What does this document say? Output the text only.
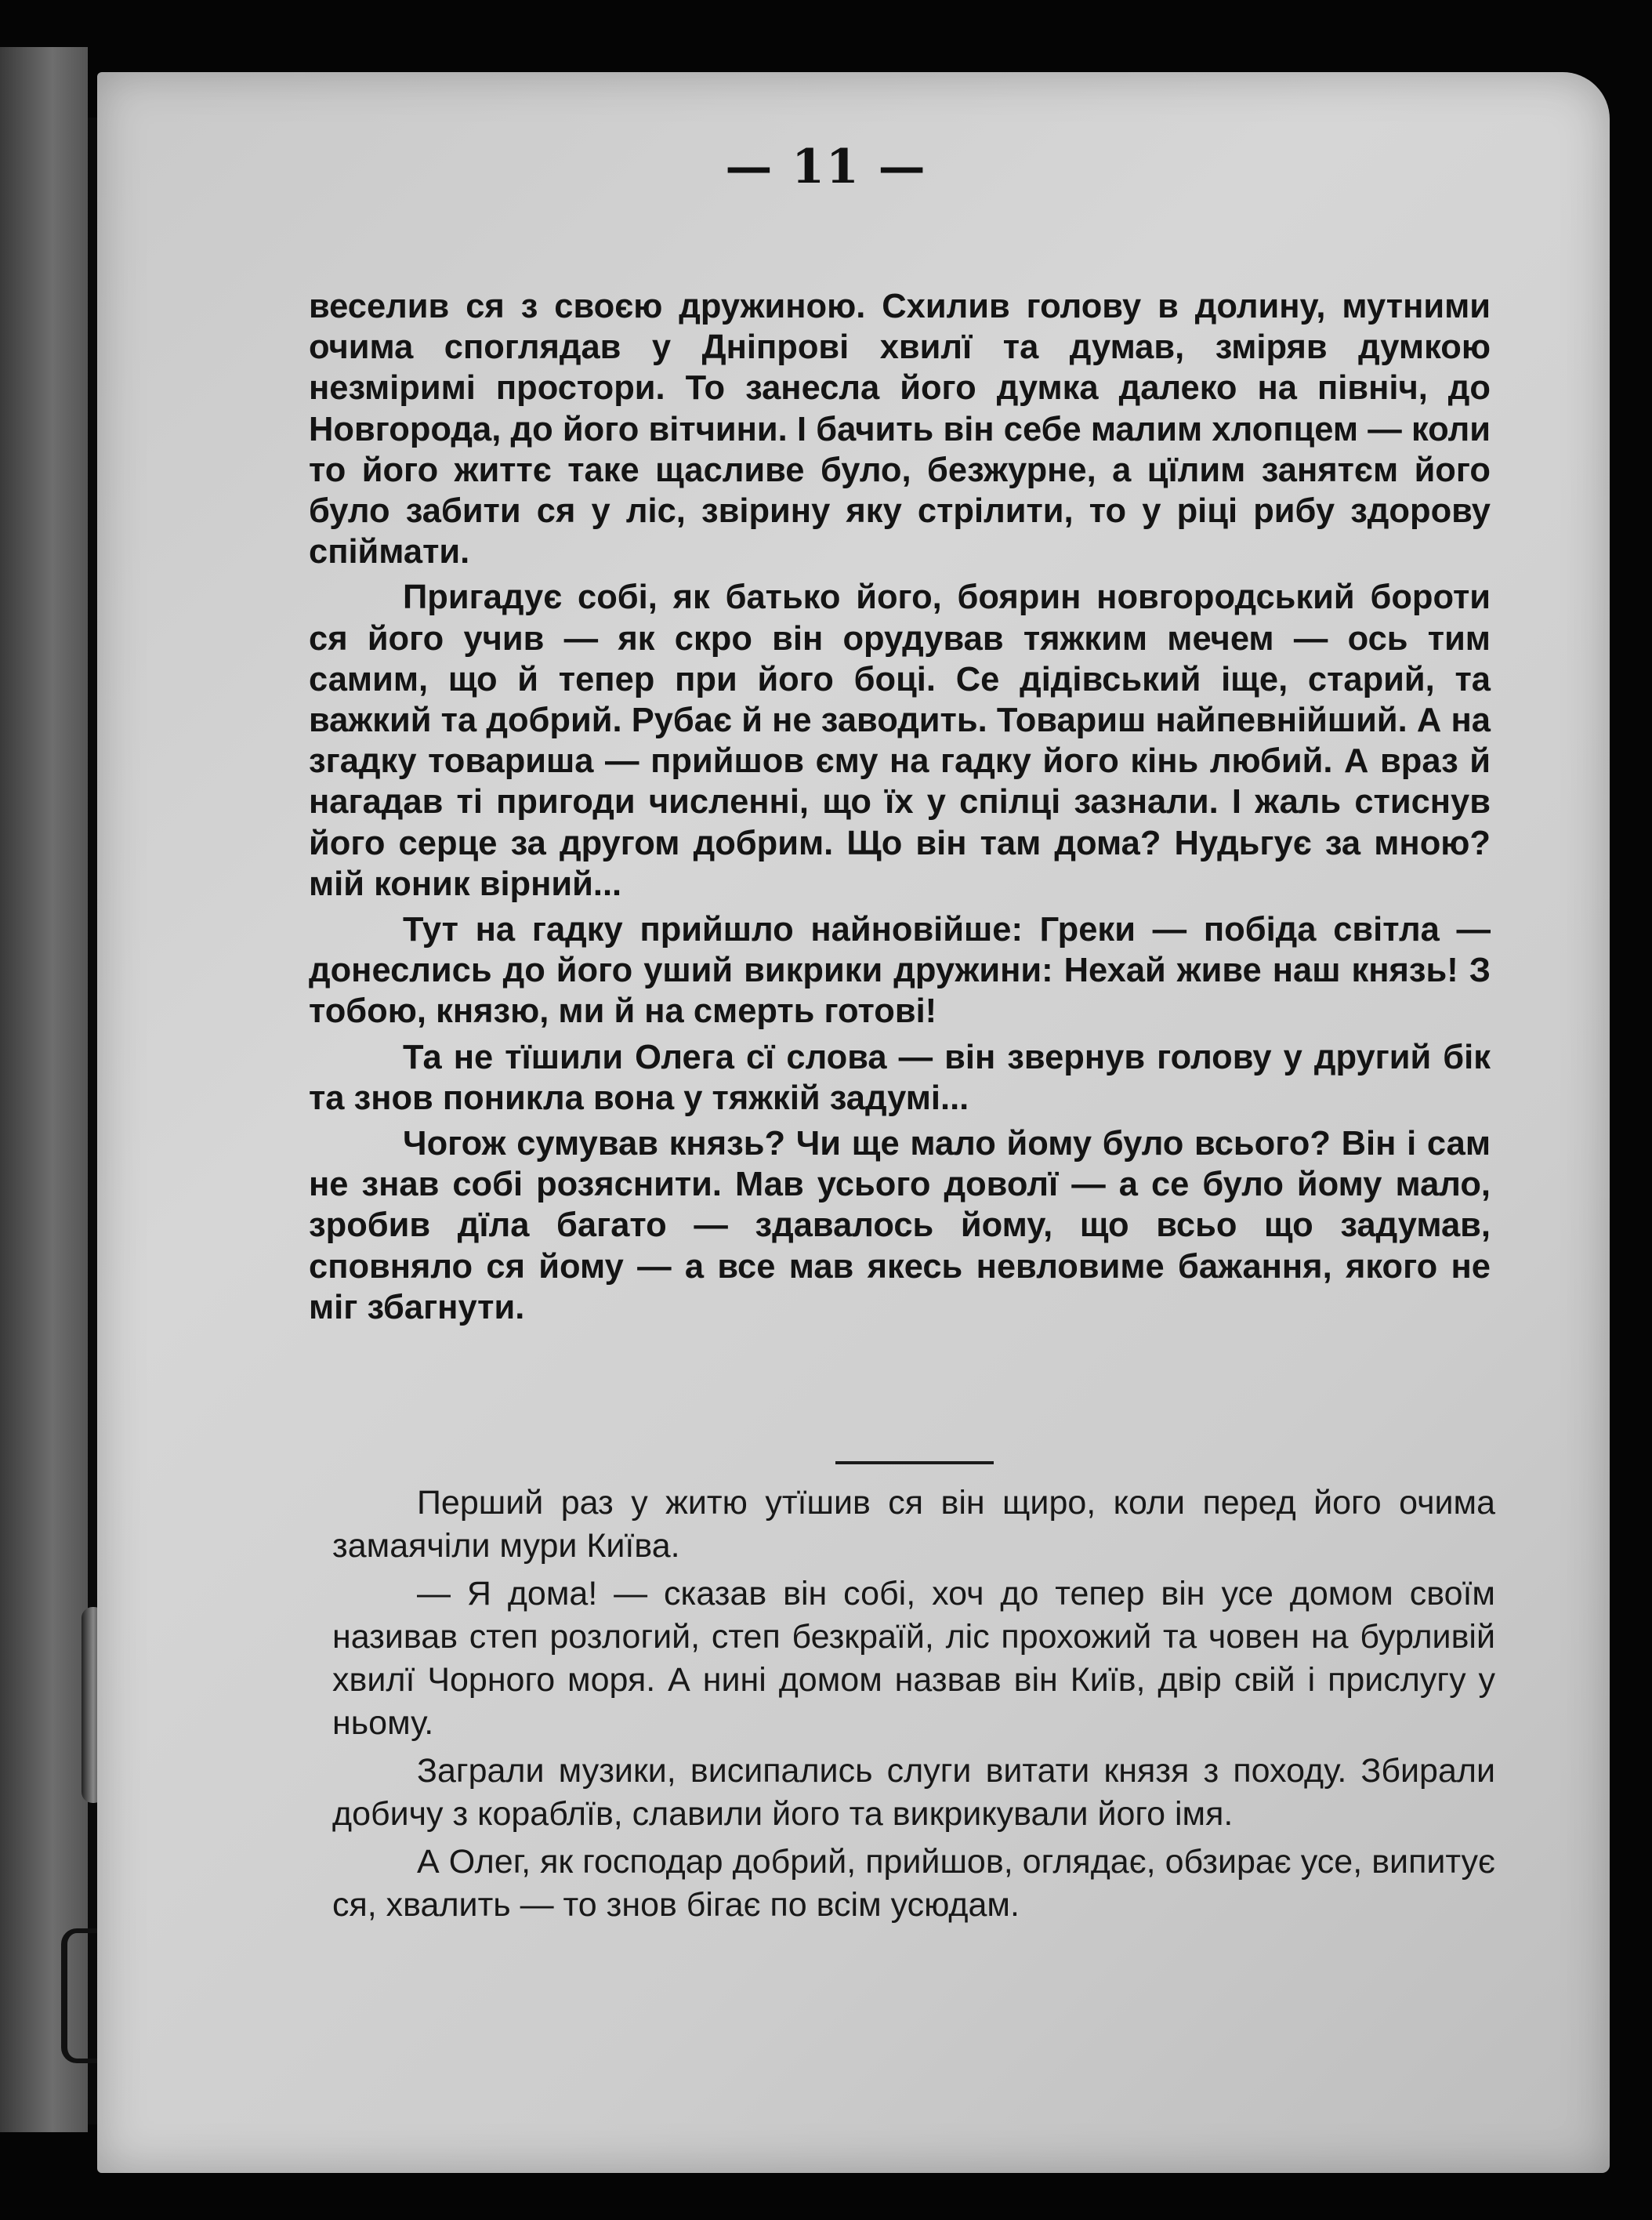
— 11 —

веселив ся з своєю дружиною. Схилив голову в долину, мутними очима споглядав у Дніпрові хвилї та думав, зміряв думкою незміримі простори. То занесла його думка далеко на північ, до Новгорода, до його вітчини. І бачить він себе малим хлопцем — коли то його життє таке щасливе було, безжурне, а цїлим занятєм його було забити ся у ліс, звірину яку стрілити, то у ріці рибу здорову спіймати.

Пригадує собі, як батько його, боярин новгородський бороти ся його учив — як скро він орудував тяжким мечем — ось тим самим, що й тепер при його боці. Се дідівський іще, старий, та важкий та добрий. Рубає й не заводить. Товариш найпевнійший. А на згадку товариша — прийшов єму на гадку його кінь любий. А враз й нагадав ті пригоди численні, що їх у спілці зазнали. І жаль стиснув його серце за другом добрим. Що він там дома? Нудьгує за мною? мій коник вірний...

Тут на гадку прийшло найновійше: Греки — побіда світла — донеслись до його уший викрики дружини: Нехай живе наш князь! З тобою, князю, ми й на смерть готові!

Та не тїшили Олега сї слова — він звернув голову у другий бік та знов поникла вона у тяжкій задумі...

Чогож сумував князь? Чи ще мало йому було всього? Він і сам не знав собі розяснити. Мав усього доволї — а се було йому мало, зробив дїла багато — здавалось йому, що всьо що задумав, сповняло ся йому — а все мав якесь невловиме бажання, якого не міг збагнути.

Перший раз у житю утїшив ся він щиро, коли перед його очима замаячіли мури Київа.

— Я дома! — сказав він собі, хоч до тепер він усе домом своїм називав степ розлогий, степ безкраїй, ліс прохожий та човен на бурливій хвилї Чорного моря. А нині домом назвав він Київ, двір свій і прислугу у ньому.

Заграли музики, висипались слуги витати князя з походу. Збирали добичу з кораблїв, славили його та викрикували його імя.

А Олег, як господар добрий, прийшов, оглядає, обзирає усе, випитує ся, хвалить — то знов бігає по всім усюдам.
